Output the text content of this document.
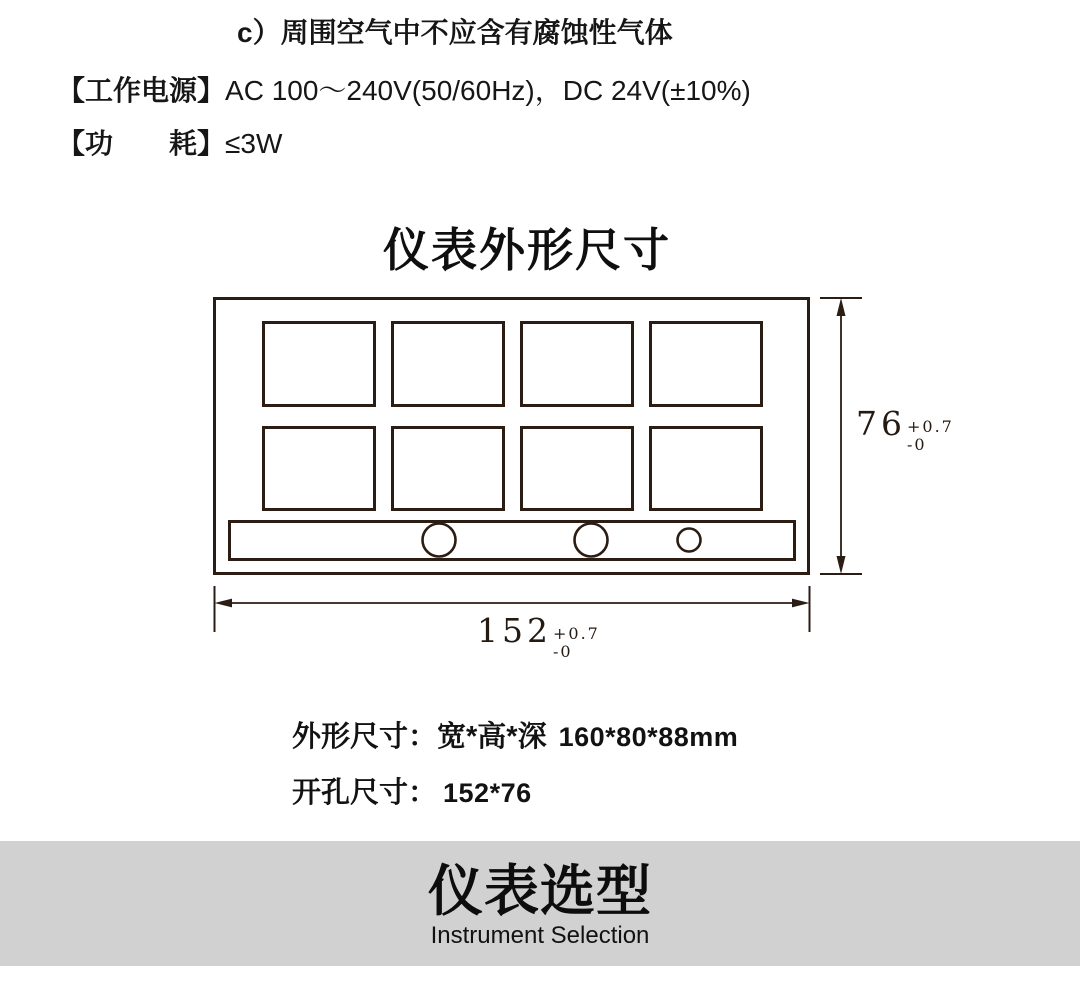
c）周围空气中不应含有腐蚀性气体
【工作电源】AC 100～240V(50/60Hz)，DC 24V(±10%)
【功　　耗】≤3W
仪表外形尺寸
76 +0.7
-0
152 +0.7
-0
外形尺寸：宽*高*深 160*80*88mm
开孔尺寸： 152*76
仪表选型
Instrument Selection
